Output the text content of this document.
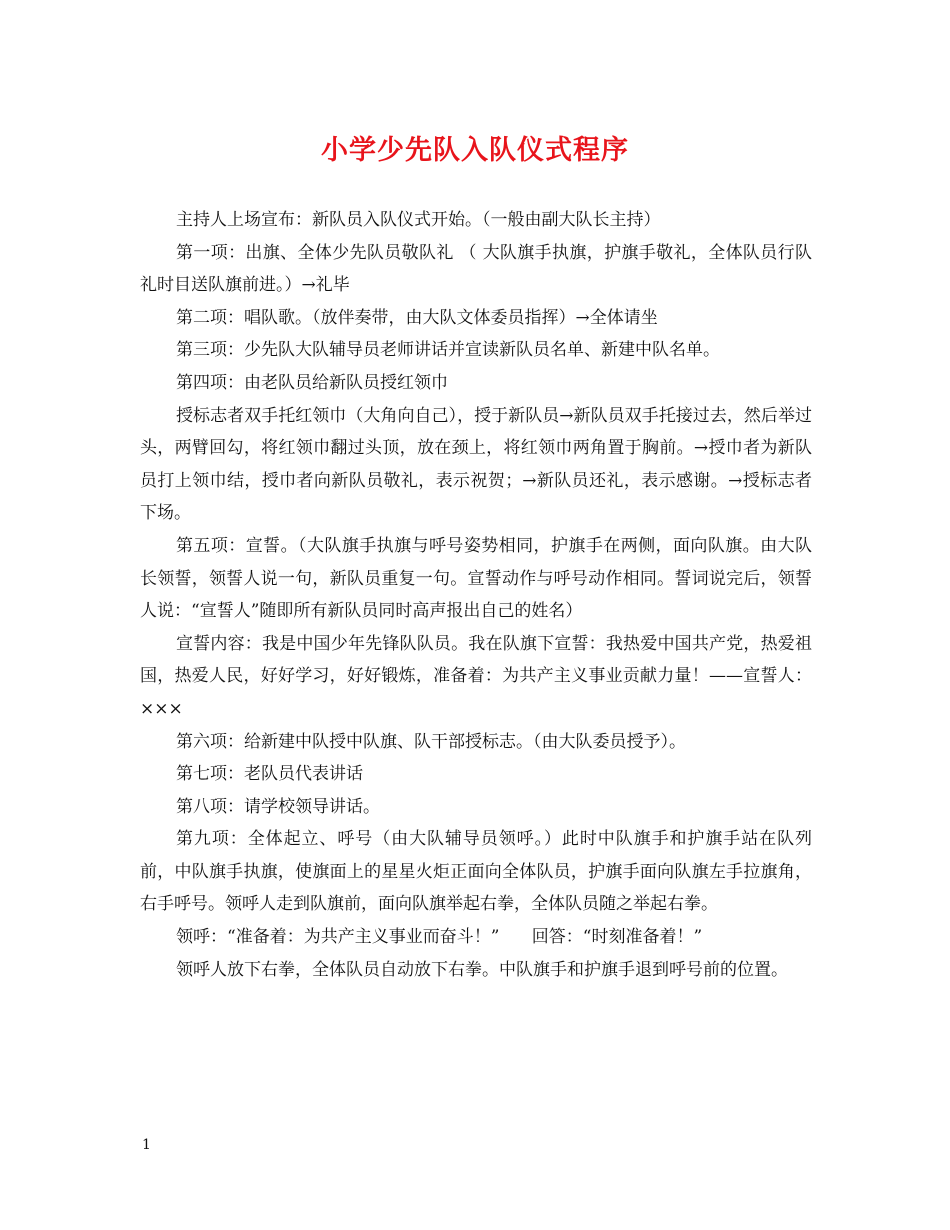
小学少先队入队仪式程序

主持人上场宣布：新队员入队仪式开始。（一般由副大队长主持）

第一项：出旗、全体少先队员敬队礼 （ 大队旗手执旗，护旗手敬礼，全体队员行队礼时目送队旗前进。）→礼毕

第二项：唱队歌。（放伴奏带，由大队文体委员指挥）→全体请坐

第三项：少先队大队辅导员老师讲话并宣读新队员名单、新建中队名单。

第四项：由老队员给新队员授红领巾

授标志者双手托红领巾（大角向自己），授于新队员→新队员双手托接过去，然后举过头，两臂回勾，将红领巾翻过头顶，放在颈上，将红领巾两角置于胸前。→授巾者为新队员打上领巾结，授巾者向新队员敬礼，表示祝贺；→新队员还礼，表示感谢。→授标志者下场。

第五项：宣誓。（大队旗手执旗与呼号姿势相同，护旗手在两侧，面向队旗。由大队长领誓，领誓人说一句，新队员重复一句。宣誓动作与呼号动作相同。誓词说完后，领誓人说：“宣誓人”随即所有新队员同时高声报出自己的姓名）

宣誓内容：我是中国少年先锋队队员。我在队旗下宣誓：我热爱中国共产党，热爱祖国，热爱人民，好好学习，好好锻炼，准备着：为共产主义事业贡献力量！——宣誓人：×××

第六项：给新建中队授中队旗、队干部授标志。（由大队委员授予）。

第七项：老队员代表讲话

第八项：请学校领导讲话。

第九项：全体起立、呼号（由大队辅导员领呼。）此时中队旗手和护旗手站在队列前，中队旗手执旗，使旗面上的星星火炬正面向全体队员，护旗手面向队旗左手拉旗角，右手呼号。领呼人走到队旗前，面向队旗举起右拳，全体队员随之举起右拳。

领呼：“准备着：为共产主义事业而奋斗！”      回答：“时刻准备着！”

领呼人放下右拳，全体队员自动放下右拳。中队旗手和护旗手退到呼号前的位置。

1
